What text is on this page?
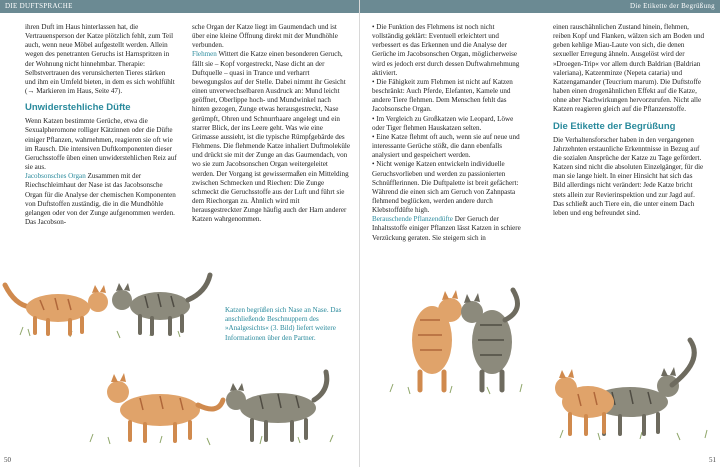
DIE DUFTSPRACHE	Die Etikette der Begrüßung

ihren Duft im Haus hinterlassen hat, die Vertrauensperson der Katze plötzlich fehlt, zum Teil auch, wenn neue Möbel aufgestellt werden. Allein wegen des penetranten Geruchs ist Harnspritzen in der Wohnung nicht hinnehmbar. Therapie: Selbstvertrauen des verunsicherten Tieres stärken und ihm ein Umfeld bieten, in dem es sich wohlfühlt (→ Markieren im Haus, Seite 47).

Unwiderstehliche Düfte

Wenn Katzen bestimmte Gerüche, etwa die Sexualpheromone rolliger Kätzinnen oder die Düfte einiger Pflanzen, wahrnehmen, reagieren sie oft wie im Rausch. Die intensiven Duftkomponenten dieser Geruchsstoffe üben einen unwiderstehlichen Reiz auf sie aus.

Jacobsonsches Organ Zusammen mit der Riechschleimhaut der Nase ist das Jacobsonsche Organ für die Analyse der chemischen Komponenten von Duftstoffen zuständig, die in die Mundhöhle gelangen oder von der Zunge aufgenommen werden. Das Jacobson-

sche Organ der Katze liegt im Gaumendach und ist über eine kleine Öffnung direkt mit der Mundhöhle verbunden.

Flehmen Wittert die Katze einen besonderen Geruch, fällt sie – Kopf vorgestreckt, Nase dicht an der Duftquelle – quasi in Trance und verharrt bewegungslos auf der Stelle. Dabei nimmt ihr Gesicht einen unverwechselbaren Ausdruck an: Mund leicht geöffnet, Oberlippe hoch- und Mundwinkel nach hinten gezogen, Zunge etwas herausgestreckt, Nase gerümpft, Ohren und Schnurrhaare angelegt und ein starrer Blick, der ins Leere geht. Was wie eine Grimasse aussieht, ist die typische Rümpfgebärde des Flehmens. Die flehmende Katze inhaliert Duftmoleküle und drückt sie mit der Zunge an das Gaumendach, von wo sie zum Jacobsonschen Organ weitergeleitet werden. Der Vorgang ist gewissermaßen ein Mittelding zwischen Schmecken und Riechen: Die Zunge schmeckt die Geruchsstoffe aus der Luft und führt sie dem Riechorgan zu. Ähnlich wird mit herausgestreckter Zunge häufig auch der Harn anderer Katzen wahrgenommen.

• Die Funktion des Flehmens ist noch nicht vollständig geklärt: Eventuell erleichtert und verbessert es das Erkennen und die Analyse der Gerüche im Jacobsonschen Organ, möglicherweise wird es jedoch erst durch dessen Duftwahrnehmung aktiviert.
• Die Fähigkeit zum Flehmen ist nicht auf Katzen beschränkt: Auch Pferde, Elefanten, Kamele und andere Tiere flehmen. Dem Menschen fehlt das Jacobsonsche Organ.
• Im Vergleich zu Großkatzen wie Leopard, Löwe oder Tiger flehmen Hauskatzen selten.
• Eine Katze flehmt oft auch, wenn sie auf neue und interessante Gerüche stößt, die dann ebenfalls analysiert und gespeichert werden.
• Nicht wenige Katzen entwickeln individuelle Geruchsvorlieben und werden zu passionierten Schnüfflerinnen. Die Duftpalette ist breit gefächert: Während die einen sich am Geruch von Zahnpasta flehmend beglücken, werden andere durch Klebstoffdüfte high.

Berauschende Pflanzendüfte Der Geruch der Inhaltsstoffe einiger Pflanzen lässt Katzen in schiere Verzückung geraten. Sie steigern sich in

einen rauschähnlichen Zustand hinein, flehmen, reiben Kopf und Flanken, wälzen sich am Boden und geben kehlige Miau-Laute von sich, die denen sexueller Erregung ähneln. Ausgelöst wird der »Droegen-Trip« vor allem durch Baldrian (Baldrian valeriana), Katzenminze (Nepeta cataria) und Katzengamander (Teucrium marum). Die Duftstoffe haben einen drogenähnlichen Effekt auf die Katze, ohne aber Nachwirkungen hervorzurufen. Nicht alle Katzen reagieren gleich auf die Pflanzenstoffe.

Die Etikette der Begrüßung

Die Verhaltensforscher haben in den vergangenen Jahrzehnten erstaunliche Erkenntnisse in Bezug auf die sozialen Ansprüche der Katze zu Tage gefördert. Katzen sind nicht die absoluten Einzelgänger, für die man sie lange hielt. In einer Hinsicht hat sich das Bild allerdings nicht verändert: Jede Katze bricht stets allein zur Revierinspektion und zur Jagd auf. Das schließt auch Tiere ein, die unter einem Dach leben und eng befreundet sind.

Katzen begrüßen sich Nase an Nase. Das anschließende Beschnuppern des »Analgesichts« (3. Bild) liefert weitere Informationen über den Partner.
50	51
